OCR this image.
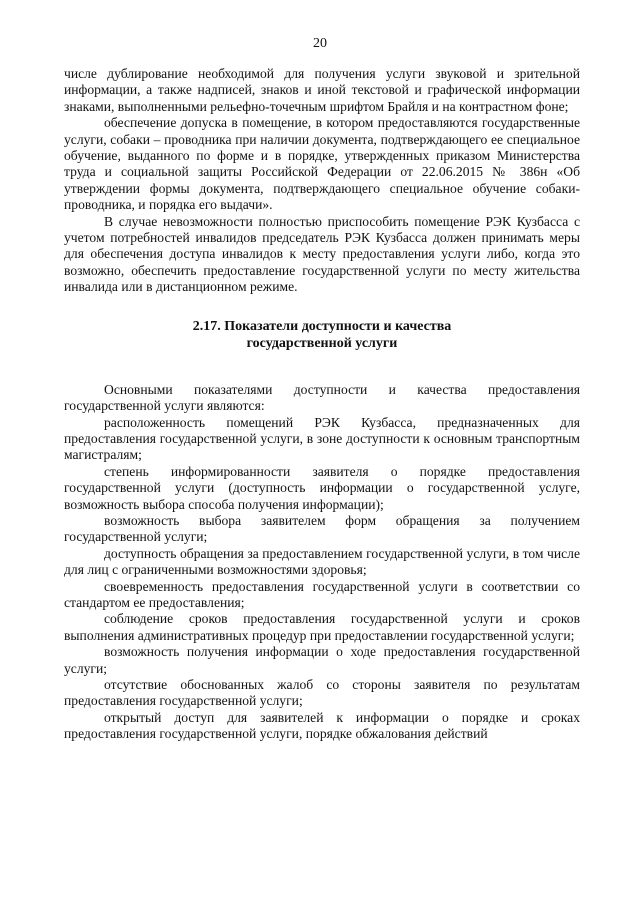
20

числе дублирование необходимой для получения услуги звуковой и зрительной информации, а также надписей, знаков и иной текстовой и графической информации знаками, выполненными рельефно-точечным шрифтом Брайля и на контрастном фоне;

обеспечение допуска в помещение, в котором предоставляются государственные услуги, собаки – проводника при наличии документа, подтверждающего ее специальное обучение, выданного по форме и в порядке, утвержденных приказом Министерства труда и социальной защиты Российской Федерации от 22.06.2015 № 386н «Об утверждении формы документа, подтверждающего специальное обучение собаки-проводника, и порядка его выдачи».

В случае невозможности полностью приспособить помещение РЭК Кузбасса с учетом потребностей инвалидов председатель РЭК Кузбасса должен принимать меры для обеспечения доступа инвалидов к месту предоставления услуги либо, когда это возможно, обеспечить предоставление государственной услуги по месту жительства инвалида или в дистанционном режиме.

2.17. Показатели доступности и качества
государственной услуги

Основными показателями доступности и качества предоставления государственной услуги являются:

расположенность помещений РЭК Кузбасса, предназначенных для предоставления государственной услуги, в зоне доступности к основным транспортным магистралям;

степень информированности заявителя о порядке предоставления государственной услуги (доступность информации о государственной услуге, возможность выбора способа получения информации);

возможность выбора заявителем форм обращения за получением государственной услуги;

доступность обращения за предоставлением государственной услуги, в том числе для лиц с ограниченными возможностями здоровья;

своевременность предоставления государственной услуги в соответствии со стандартом ее предоставления;

соблюдение сроков предоставления государственной услуги и сроков выполнения административных процедур при предоставлении государственной услуги;

возможность получения информации о ходе предоставления государственной услуги;

отсутствие обоснованных жалоб со стороны заявителя по результатам предоставления государственной услуги;

открытый доступ для заявителей к информации о порядке и сроках предоставления государственной услуги, порядке обжалования действий
